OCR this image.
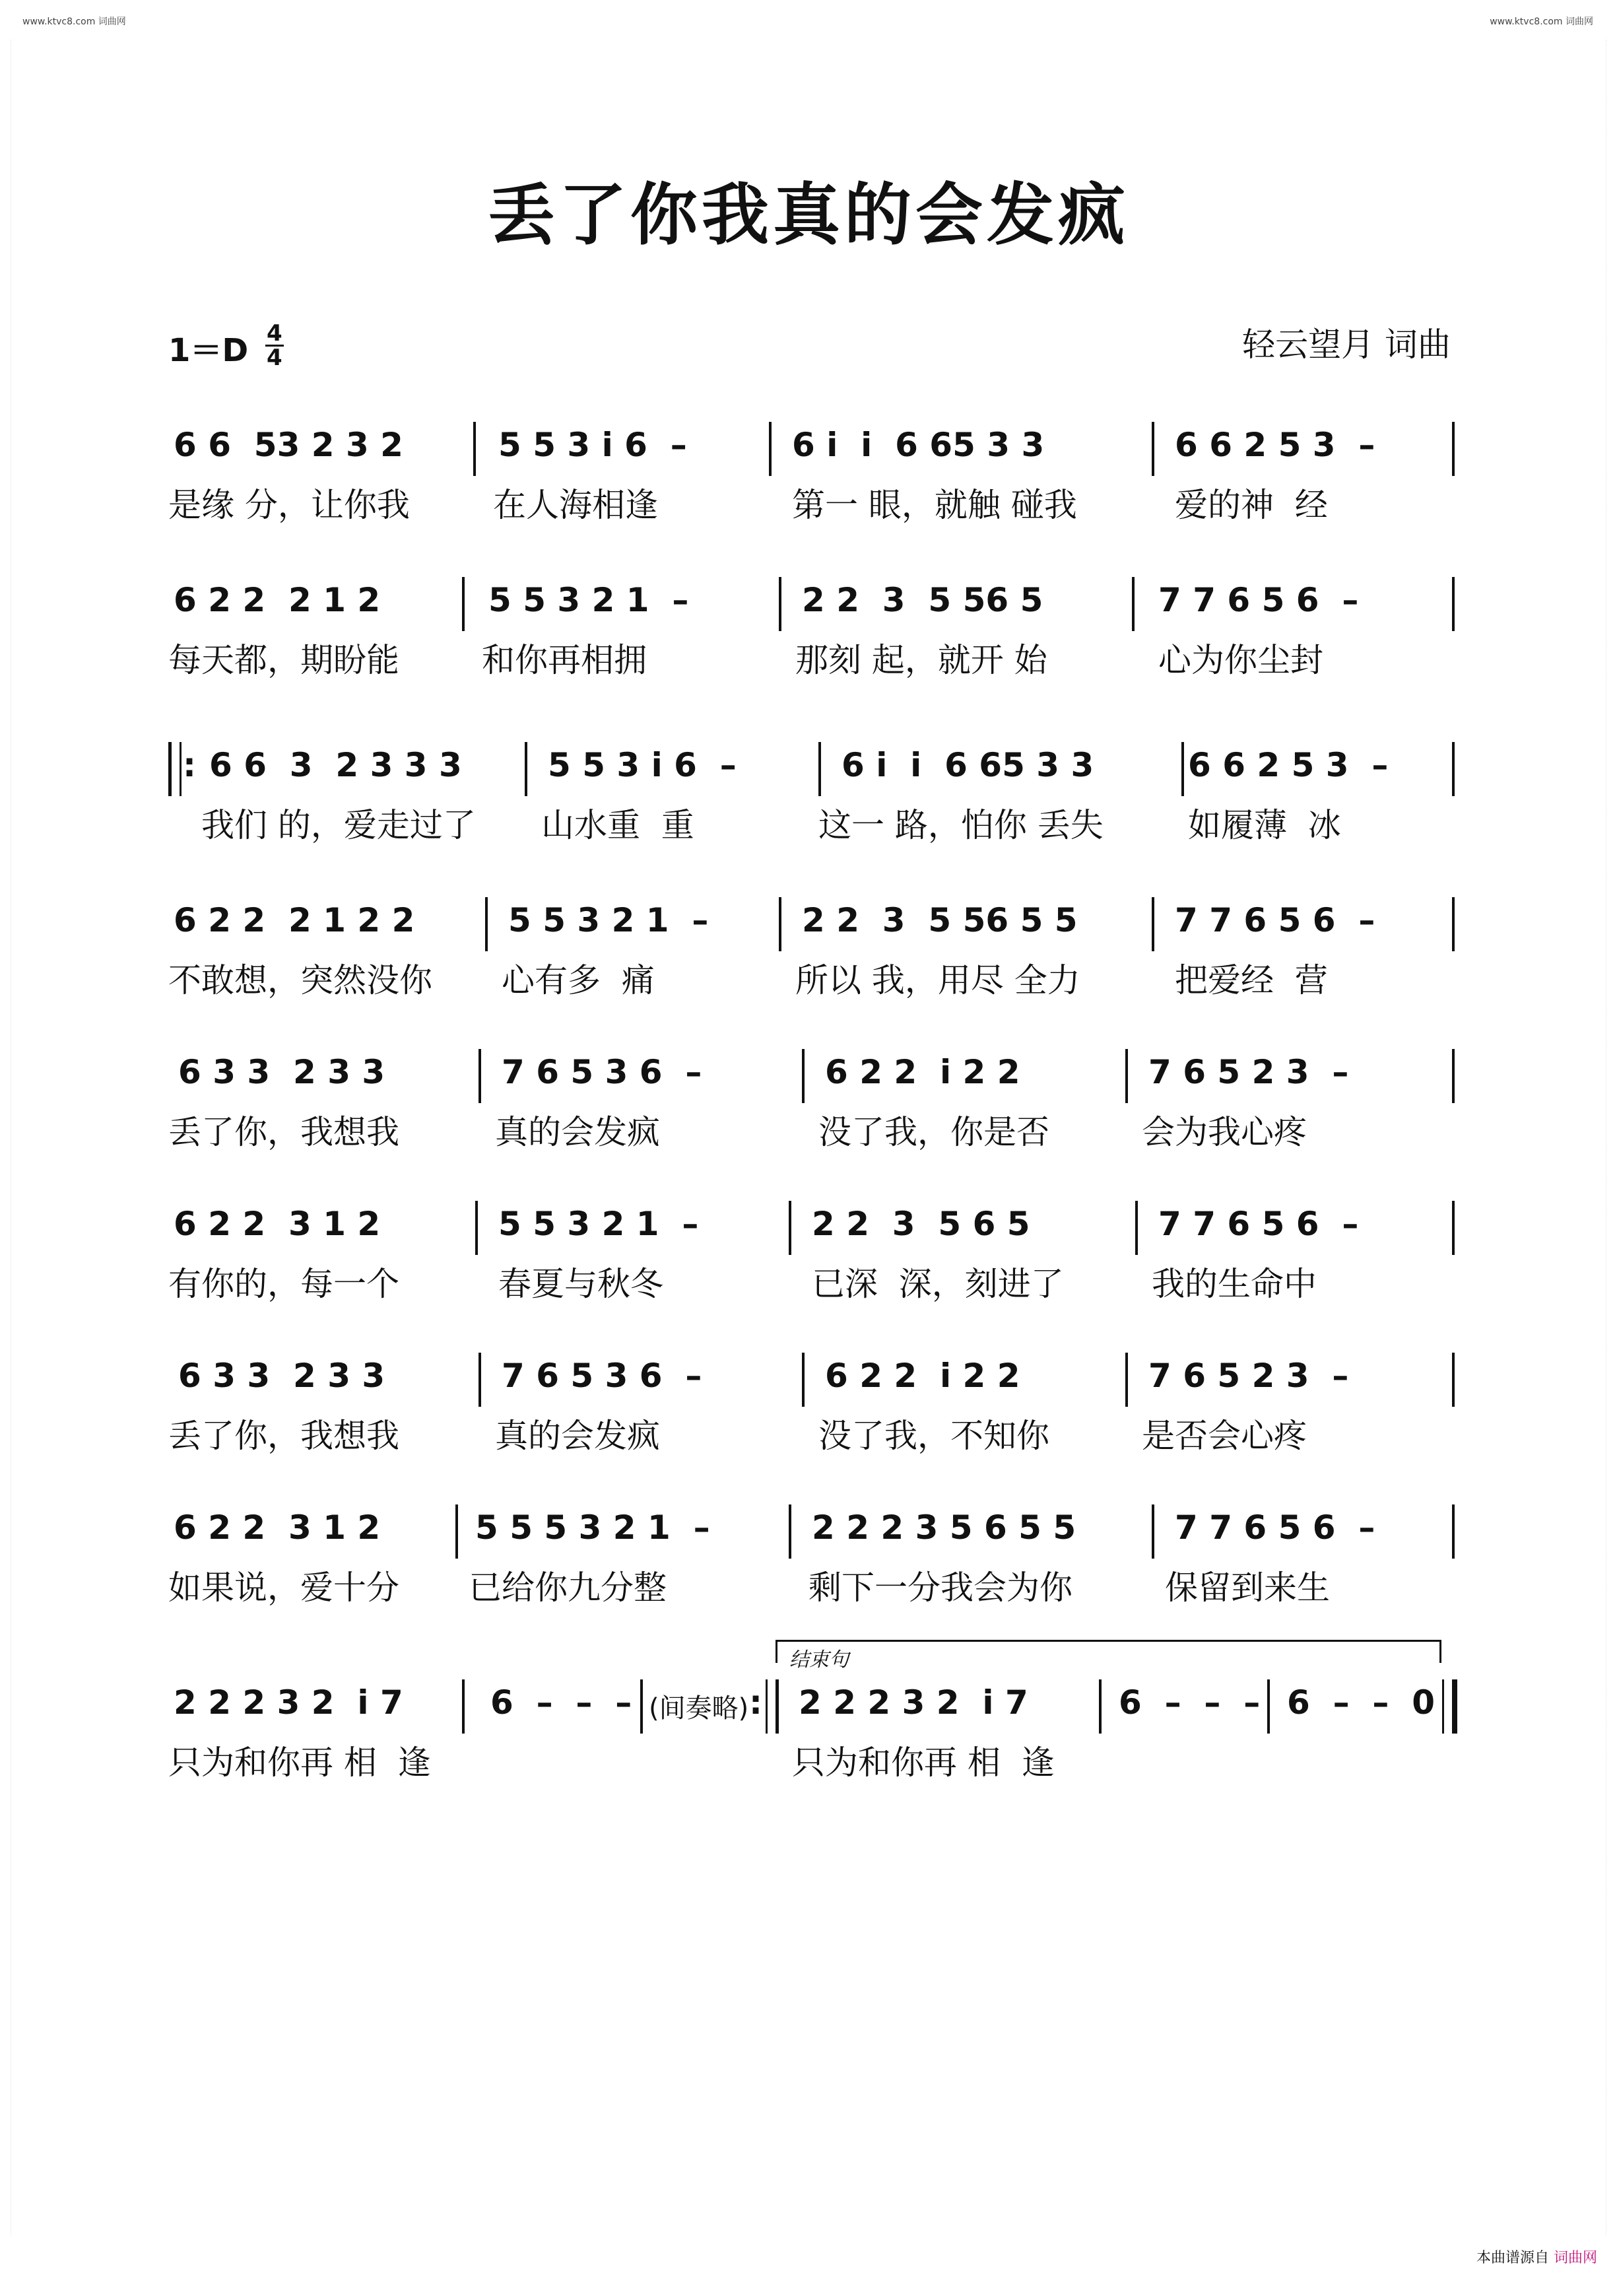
www.ktvc8.com 词曲网	www.ktvc8.com 词曲网
丢了你我真的会发疯
1＝D 4
4	轻云望月 词曲

6 6  53 2 3 2

	5 5 3 i 6  –

	6 i  i  6 65 3 3

	6 6 2 5 3  –

是缘 分，让你我

	在人海相逢

	第一 眼，就触 碰我

	爱的神  经

6 2 2  2 1 2

	5 5 3 2 1  –

	2 2  3  5 56 5

	7 7 6 5 6  –

每天都，期盼能

	和你再相拥

	那刻 起，就开 始

	心为你尘封

:

6 6  3  2 3 3 3

	5 5 3 i 6  –

	6 i  i  6 65 3 3

	6 6 2 5 3  –

我们 的，爱走过了

山水重  重

	这一 路，怕你 丢失

	如履薄  冰

6 2 2  2 1 2 2

	5 5 3 2 1  –

	2 2  3  5 56 5 5

	7 7 6 5 6  –

不敢想，突然没你

心有多  痛

	所以 我，用尽 全力

	把爱经  营

6 3 3  2 3 3

	7 6 5 3 6  –

	6 2 2  i 2 2

	7 6 5 2 3  –

丢了你，我想我

	真的会发疯

	没了我，你是否

	会为我心疼

6 2 2  3 1 2

	5 5 3 2 1  –

	2 2  3  5 6 5

	7 7 6 5 6  –

有你的，每一个

	春夏与秋冬

	已深  深，刻进了

	我的生命中

6 3 3  2 3 3

	7 6 5 3 6  –

	6 2 2  i 2 2

	7 6 5 2 3  –

丢了你，我想我

	真的会发疯

	没了我，不知你

	是否会心疼

6 2 2  3 1 2

	5 5 5 3 2 1  –

	2 2 2 3 5 6 5 5

	7 7 6 5 6  –

如果说，爱十分

已给你九分整

	剩下一分我会为你

	保留到来生

结束句

2 2 2 3 2  i 7

	6  –  –  –

(间奏略)

:

2 2 2 3 2  i 7

	6  –  –  –

6  –  –  0

只为和你再 相  逢

	只为和你再 相  逢

本曲谱源自 词曲网
